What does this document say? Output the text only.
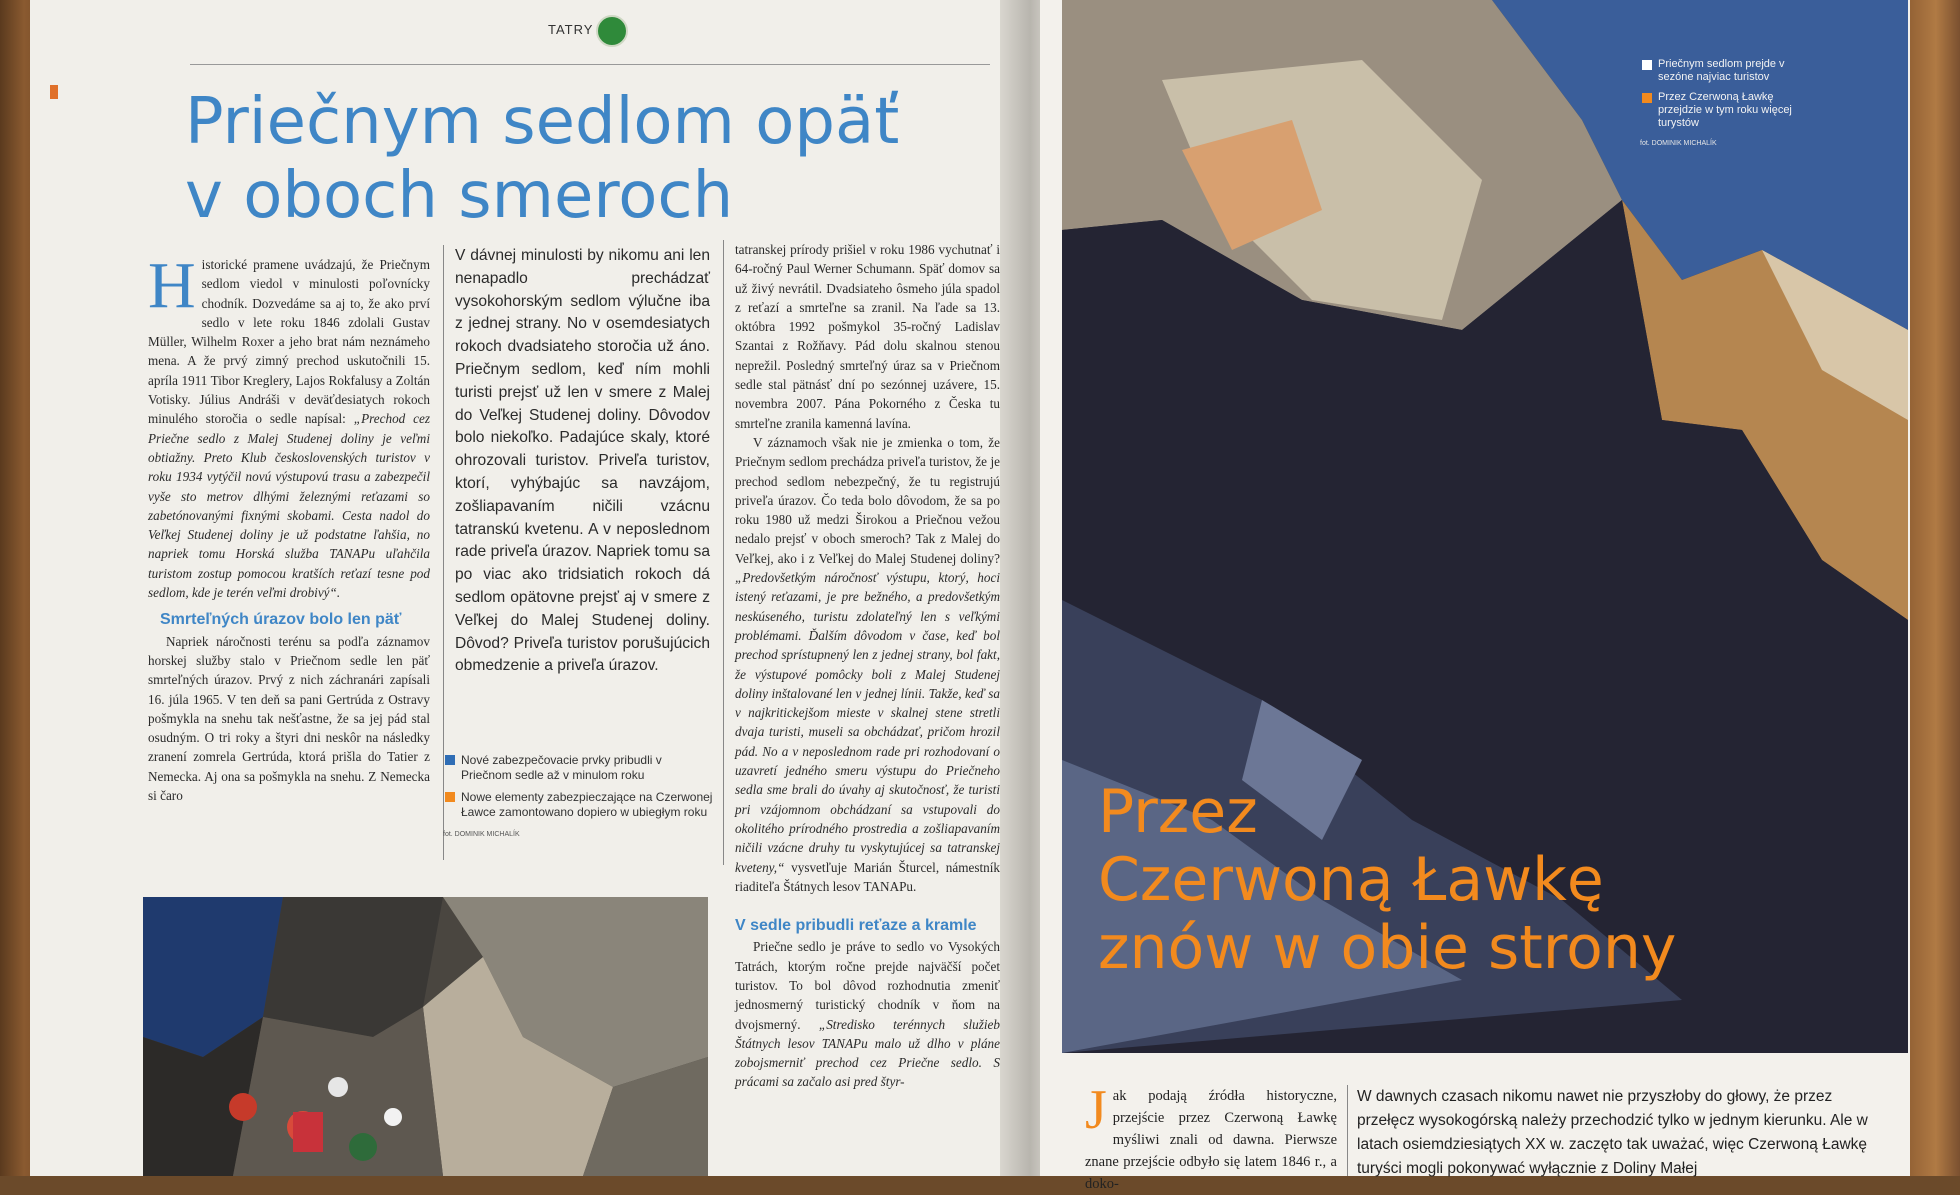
TATRY
Priečnym sedlom opäť
v oboch smeroch

Historické pramene uvádzajú, že Priečnym sedlom viedol v minulosti poľovnícky chodník. Dozvedáme sa aj to, že ako prví sedlo v lete roku 1846 zdolali Gustav Müller, Wilhelm Roxer a jeho brat nám neznámeho mena. A že prvý zimný prechod uskutočnili 15. apríla 1911 Tibor Kreglery, Lajos Rokfalusy a Zoltán Votisky. Július Andráši v deväťdesiatych rokoch minulého storočia o sedle napísal: „Prechod cez Priečne sedlo z Malej Studenej doliny je veľmi obtiažny. Preto Klub československých turistov v roku 1934 vytýčil novú výstupovú trasu a zabezpečil vyše sto metrov dlhými železnými reťazami so zabetónovanými fixnými skobami. Cesta nadol do Veľkej Studenej doliny je už podstatne ľahšia, no napriek tomu Horská služba TANAPu uľahčila turistom zostup pomocou kratších reťazí tesne pod sedlom, kde je terén veľmi drobivý“.

Smrteľných úrazov bolo len päť

Napriek náročnosti terénu sa podľa záznamov horskej služby stalo v Priečnom sedle len päť smrteľných úrazov. Prvý z nich záchranári zapísali 16. júla 1965. V ten deň sa pani Gertrúda z Ostravy pošmykla na snehu tak nešťastne, že sa jej pád stal osudným. O tri roky a štyri dni neskôr na následky zranení zomrela Gertrúda, ktorá prišla do Tatier z Nemecka. Aj ona sa pošmykla na snehu. Z Nemecka si čaro

V dávnej minulosti by nikomu ani len nenapadlo prechádzať vysokohorským sedlom výlučne iba z jednej strany. No v osemdesiatych rokoch dvadsiateho storočia už áno. Priečnym sedlom, keď ním mohli turisti prejsť už len v smere z Malej do Veľkej Studenej doliny. Dôvodov bolo niekoľko. Padajúce skaly, ktoré ohrozovali turistov. Priveľa turistov, ktorí, vyhýbajúc sa navzájom, zošliapavaním ničili vzácnu tatranskú kvetenu. A v neposlednom rade priveľa úrazov. Napriek tomu sa po viac ako tridsiatich rokoch dá sedlom opätovne prejsť aj v smere z Veľkej do Malej Studenej doliny. Dôvod? Priveľa turistov porušujúcich obmedzenie a priveľa úrazov.

Nové zabezpečovacie prvky pribudli v Priečnom sedle až v minulom roku
Nowe elementy zabezpieczające na Czerwonej Ławce zamontowano dopiero w ubiegłym roku
fot. DOMINIK MICHALÍK

tatranskej prírody prišiel v roku 1986 vychutnať i 64-ročný Paul Werner Schumann. Späť domov sa už živý nevrátil. Dvadsiateho ôsmeho júla spadol z reťazí a smrteľne sa zranil. Na ľade sa 13. októbra 1992 pošmykol 35-ročný Ladislav Szantai z Rožňavy. Pád dolu skalnou stenou neprežil. Posledný smrteľný úraz sa v Priečnom sedle stal pätnásť dní po sezónnej uzávere, 15. novembra 2007. Pána Pokorného z Česka tu smrteľne zranila kamenná lavína.

V záznamoch však nie je zmienka o tom, že Priečnym sedlom prechádza priveľa turistov, že je prechod sedlom nebezpečný, že tu registrujú priveľa úrazov. Čo teda bolo dôvodom, že sa po roku 1980 už medzi Širokou a Priečnou vežou nedalo prejsť v oboch smeroch? Tak z Malej do Veľkej, ako i z Veľkej do Malej Studenej doliny? „Predovšetkým náročnosť výstupu, ktorý, hoci istený reťazami, je pre bežného, a predovšetkým neskúseného, turistu zdolateľný len s veľkými problémami. Ďalším dôvodom v čase, keď bol prechod sprístupnený len z jednej strany, bol fakt, že výstupové pomôcky boli z Malej Studenej doliny inštalované len v jednej línii. Takže, keď sa v najkritickejšom mieste v skalnej stene stretli dvaja turisti, museli sa obchádzať, pričom hrozil pád. No a v neposlednom rade pri rozhodovaní o uzavretí jedného smeru výstupu do Priečneho sedla sme brali do úvahy aj skutočnosť, že turisti pri vzájomnom obchádzaní sa vstupovali do okolitého prírodného prostredia a zošliapavaním ničili vzácne druhy tu vyskytujúcej sa tatranskej kveteny,“ vysvetľuje Marián Šturcel, námestník riaditeľa Štátnych lesov TANAPu.

V sedle pribudli reťaze a kramle

Priečne sedlo je práve to sedlo vo Vysokých Tatrách, ktorým ročne prejde najväčší počet turistov. To bol dôvod rozhodnutia zmeniť jednosmerný turistický chodník v ňom na dvojsmerný. „Stredisko terénnych služieb Štátnych lesov TANAPu malo už dlho v pláne zobojsmerniť prechod cez Priečne sedlo. S prácami sa začalo asi pred štyr-

Priečnym sedlom prejde v sezóne najviac turistov
Przez Czerwoną Ławkę przejdzie w tym roku więcej turystów
fot. DOMINIK MICHALÍK
Przez
Czerwoną Ławkę
znów w obie strony
Jak podają źródła historyczne, przejście przez Czerwoną Ławkę myśliwi znali od dawna. Pierwsze znane przejście odbyło się latem 1846 r., a doko-
W dawnych czasach nikomu nawet nie przyszłoby do głowy, że przez przełęcz wysokogórską należy przechodzić tylko w jednym kierunku. Ale w latach osiemdziesiątych XX w. zaczęto tak uważać, więc Czerwoną Ławkę turyści mogli pokonywać wyłącznie z Doliny Małej
